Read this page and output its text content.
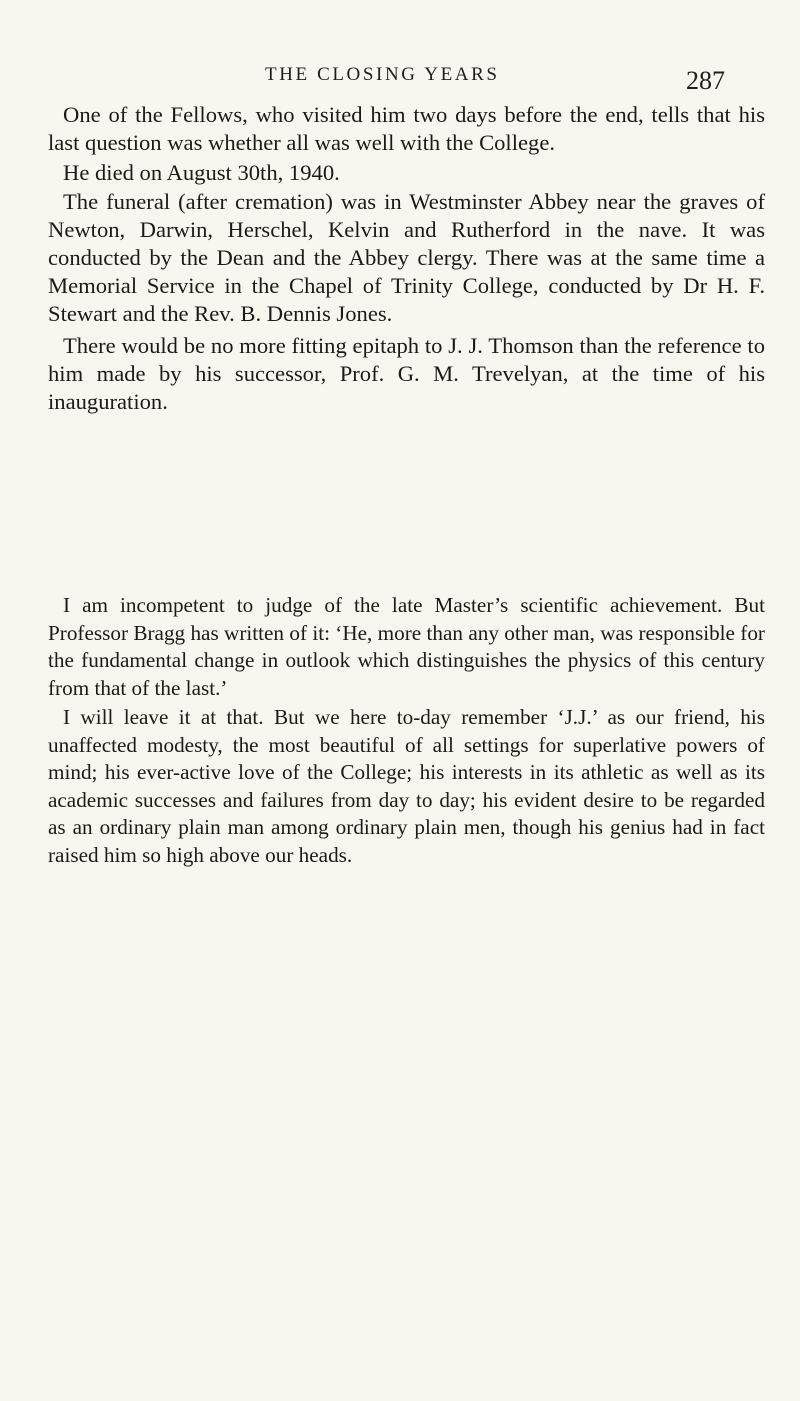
THE CLOSING YEARS	287

One of the Fellows, who visited him two days before the end, tells that his last question was whether all was well with the College.

He died on August 30th, 1940.

The funeral (after cremation) was in Westminster Abbey near the graves of Newton, Darwin, Herschel, Kelvin and Rutherford in the nave. It was conducted by the Dean and the Abbey clergy. There was at the same time a Memorial Service in the Chapel of Trinity College, conducted by Dr H. F. Stewart and the Rev. B. Dennis Jones.

There would be no more fitting epitaph to J. J. Thomson than the reference to him made by his successor, Prof. G. M. Trevelyan, at the time of his inauguration.

I am incompetent to judge of the late Master’s scientific achievement. But Professor Bragg has written of it: ‘He, more than any other man, was responsible for the fundamental change in outlook which distinguishes the physics of this century from that of the last.’

I will leave it at that. But we here to-day remember ‘J.J.’ as our friend, his unaffected modesty, the most beautiful of all settings for superlative powers of mind; his ever-active love of the College; his interests in its athletic as well as its academic successes and failures from day to day; his evident desire to be regarded as an ordinary plain man among ordinary plain men, though his genius had in fact raised him so high above our heads.
